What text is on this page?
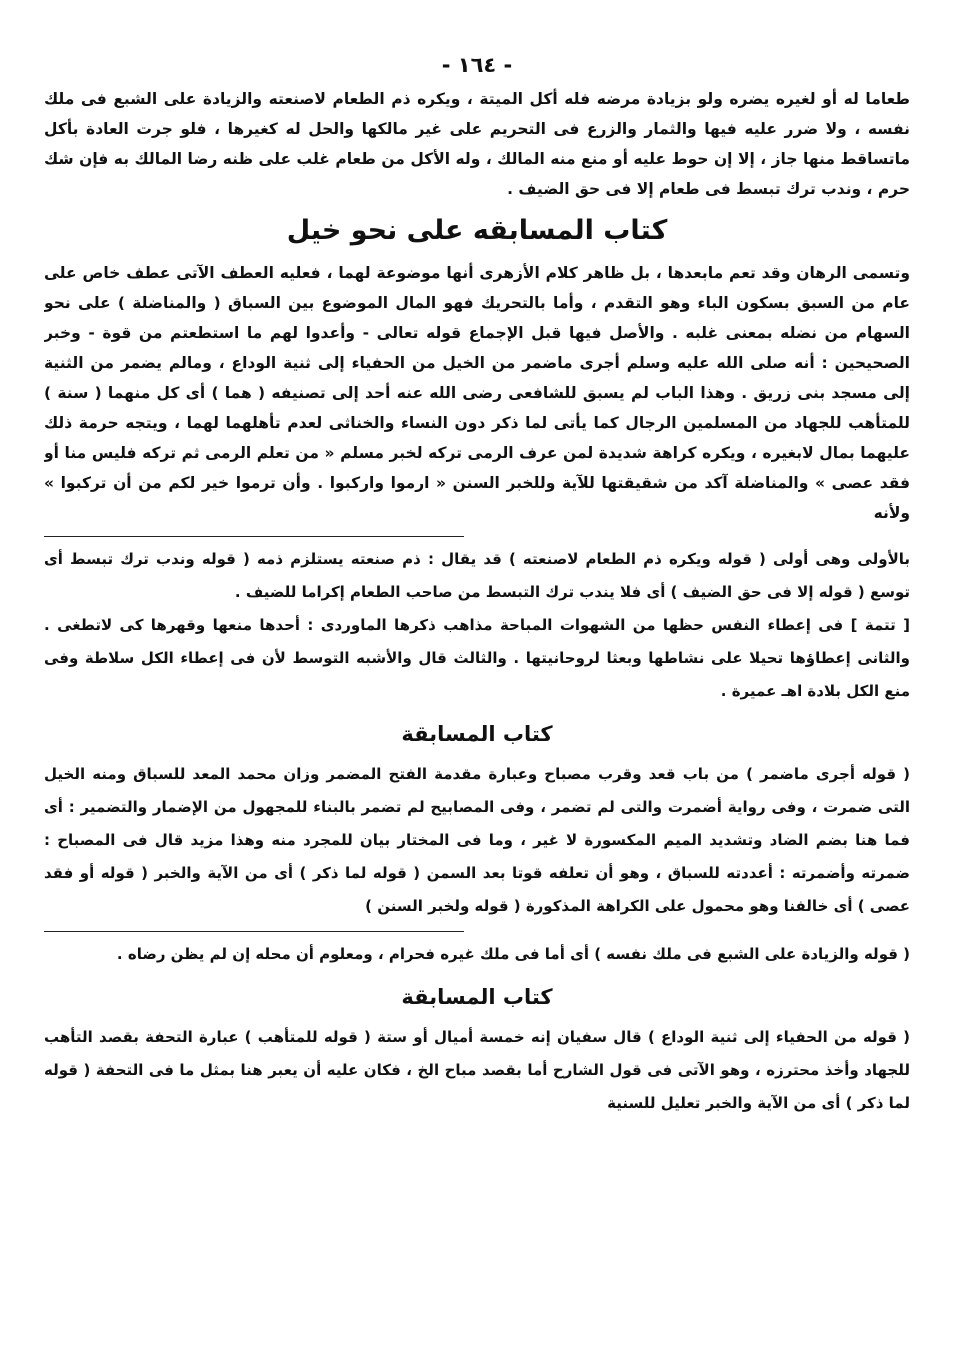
- ١٦٤ -

طعاما له أو لغيره يضره ولو بزيادة مرضه فله أكل الميتة ، ويكره ذم الطعام لاصنعته والزيادة على الشبع فى ملك نفسه ، ولا ضرر عليه فيها والثمار والزرع فى التحريم على غير مالكها والحل له كغيرها ، فلو جرت العادة بأكل ماتساقط منها جاز ، إلا إن حوط عليه أو منع منه المالك ، وله الأكل من طعام غلب على ظنه رضا المالك به فإن شك حرم ، وندب ترك تبسط فى طعام إلا فى حق الضيف .

كتاب المسابقه على نحو خيل

وتسمى الرهان وقد تعم مابعدها ، بل ظاهر كلام الأزهرى أنها موضوعة لهما ، فعليه العطف الآتى عطف خاص على عام من السبق بسكون الباء وهو التقدم ، وأما بالتحريك فهو المال الموضوع بين السباق ( والمناضلة ) على نحو السهام من نضله بمعنى غلبه . والأصل فيها قبل الإجماع قوله تعالى - وأعدوا لهم ما استطعتم من قوة - وخبر الصحيحين : أنه صلى الله عليه وسلم أجرى ماضمر من الخيل من الحفياء إلى ثنية الوداع ، ومالم يضمر من الثنية إلى مسجد بنى زريق . وهذا الباب لم يسبق للشافعى رضى الله عنه أحد إلى تصنيفه ( هما ) أى كل منهما ( سنة ) للمتأهب للجهاد من المسلمين الرجال كما يأتى لما ذكر دون النساء والخناثى لعدم تأهلهما لهما ، ويتجه حرمة ذلك عليهما بمال لابغيره ، ويكره كراهة شديدة لمن عرف الرمى تركه لخبر مسلم « من تعلم الرمى ثم تركه فليس منا أو فقد عصى » والمناضلة آكد من شقيقتها للآية وللخبر السنن « ارموا واركبوا . وأن ترموا خير لكم من أن تركبوا » ولأنه

بالأولى وهى أولى ( قوله ويكره ذم الطعام لاصنعته ) قد يقال : ذم صنعته يستلزم ذمه ( قوله وندب ترك تبسط أى توسع ( قوله إلا فى حق الضيف ) أى فلا يندب ترك التبسط من صاحب الطعام إكراما للضيف .

[ تتمة ] فى إعطاء النفس حظها من الشهوات المباحة مذاهب ذكرها الماوردى : أحدها منعها وقهرها كى لاتطغى . والثانى إعطاؤها تحيلا على نشاطها وبعثا لروحانيتها . والثالث قال والأشبه التوسط لأن فى إعطاء الكل سلاطة وفى منع الكل بلادة اهـ عميرة .

كتاب المسابقة

( قوله أجرى ماضمر ) من باب قعد وقرب مصباح وعبارة مقدمة الفتح المضمر وزان محمد المعد للسباق ومنه الخيل التى ضمرت ، وفى رواية أضمرت والتى لم تضمر ، وفى المصابيح لم تضمر بالبناء للمجهول من الإضمار والتضمير : أى فما هنا بضم الضاد وتشديد الميم المكسورة لا غير ، وما فى المختار بيان للمجرد منه وهذا مزيد قال فى المصباح : ضمرته وأضمرته : أعددته للسباق ، وهو أن تعلفه قوتا بعد السمن ( قوله لما ذكر ) أى من الآية والخبر ( قوله أو فقد عصى ) أى خالفنا وهو محمول على الكراهة المذكورة ( قوله ولخبر السنن )

( قوله والزيادة على الشبع فى ملك نفسه ) أى أما فى ملك غيره فحرام ، ومعلوم أن محله إن لم يظن رضاه .

كتاب المسابقة

( قوله من الحفياء إلى ثنية الوداع ) قال سفيان إنه خمسة أميال أو ستة ( قوله للمتأهب ) عبارة التحفة بقصد التأهب للجهاد وأخذ محترزه ، وهو الآتى فى قول الشارح أما بقصد مباح الخ ، فكان عليه أن يعبر هنا بمثل ما فى التحفة ( قوله لما ذكر ) أى من الآية والخبر تعليل للسنية
